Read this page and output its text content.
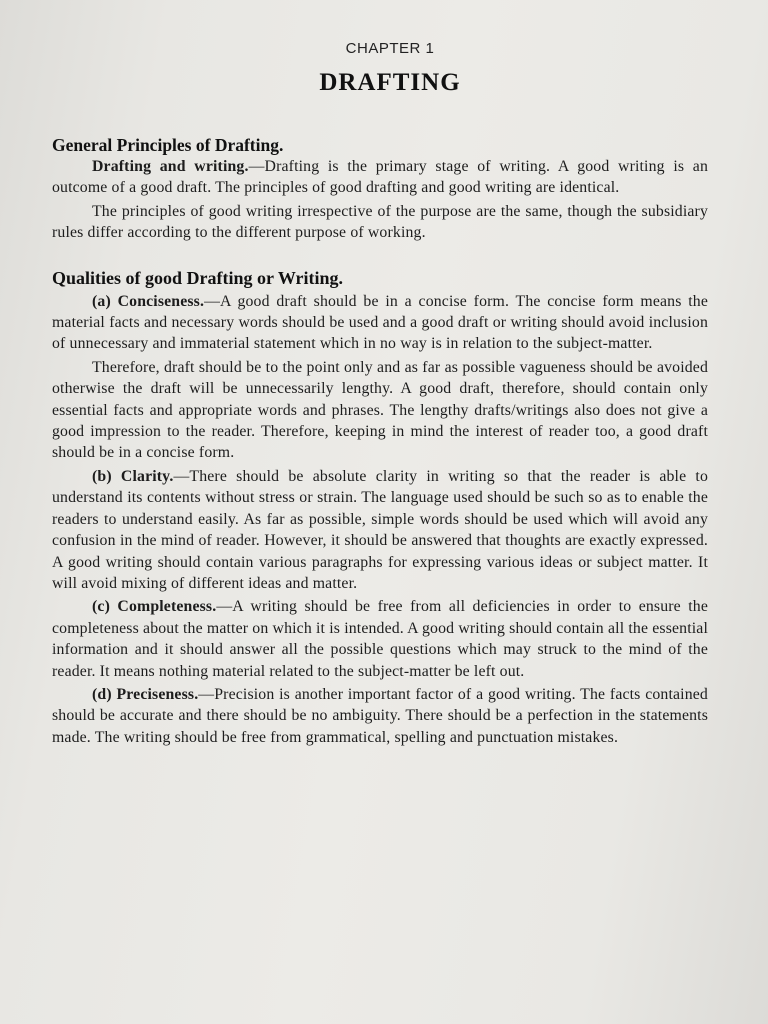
CHAPTER 1
DRAFTING
General Principles of Drafting.

Drafting and writing.—Drafting is the primary stage of writing. A good writing is an outcome of a good draft. The principles of good drafting and good writing are identical.

The principles of good writing irrespective of the purpose are the same, though the subsidiary rules differ according to the different purpose of working.

Qualities of good Drafting or Writing.

(a) Conciseness.—A good draft should be in a concise form. The concise form means the material facts and necessary words should be used and a good draft or writing should avoid inclusion of unnecessary and immaterial statement which in no way is in relation to the subject-matter.

Therefore, draft should be to the point only and as far as possible vagueness should be avoided otherwise the draft will be unnecessarily lengthy. A good draft, therefore, should contain only essential facts and appropriate words and phrases. The lengthy drafts/writings also does not give a good impression to the reader. Therefore, keeping in mind the interest of reader too, a good draft should be in a concise form.

(b) Clarity.—There should be absolute clarity in writing so that the reader is able to understand its contents without stress or strain. The language used should be such so as to enable the readers to understand easily. As far as possible, simple words should be used which will avoid any confusion in the mind of reader. However, it should be answered that thoughts are exactly expressed. A good writing should contain various paragraphs for expressing various ideas or subject matter. It will avoid mixing of different ideas and matter.

(c) Completeness.—A writing should be free from all deficiencies in order to ensure the completeness about the matter on which it is intended. A good writing should contain all the essential information and it should answer all the possible questions which may struck to the mind of the reader. It means nothing material related to the subject-matter be left out.

(d) Preciseness.—Precision is another important factor of a good writing. The facts contained should be accurate and there should be no ambiguity. There should be a perfection in the statements made. The writing should be free from grammatical, spelling and punctuation mistakes.
